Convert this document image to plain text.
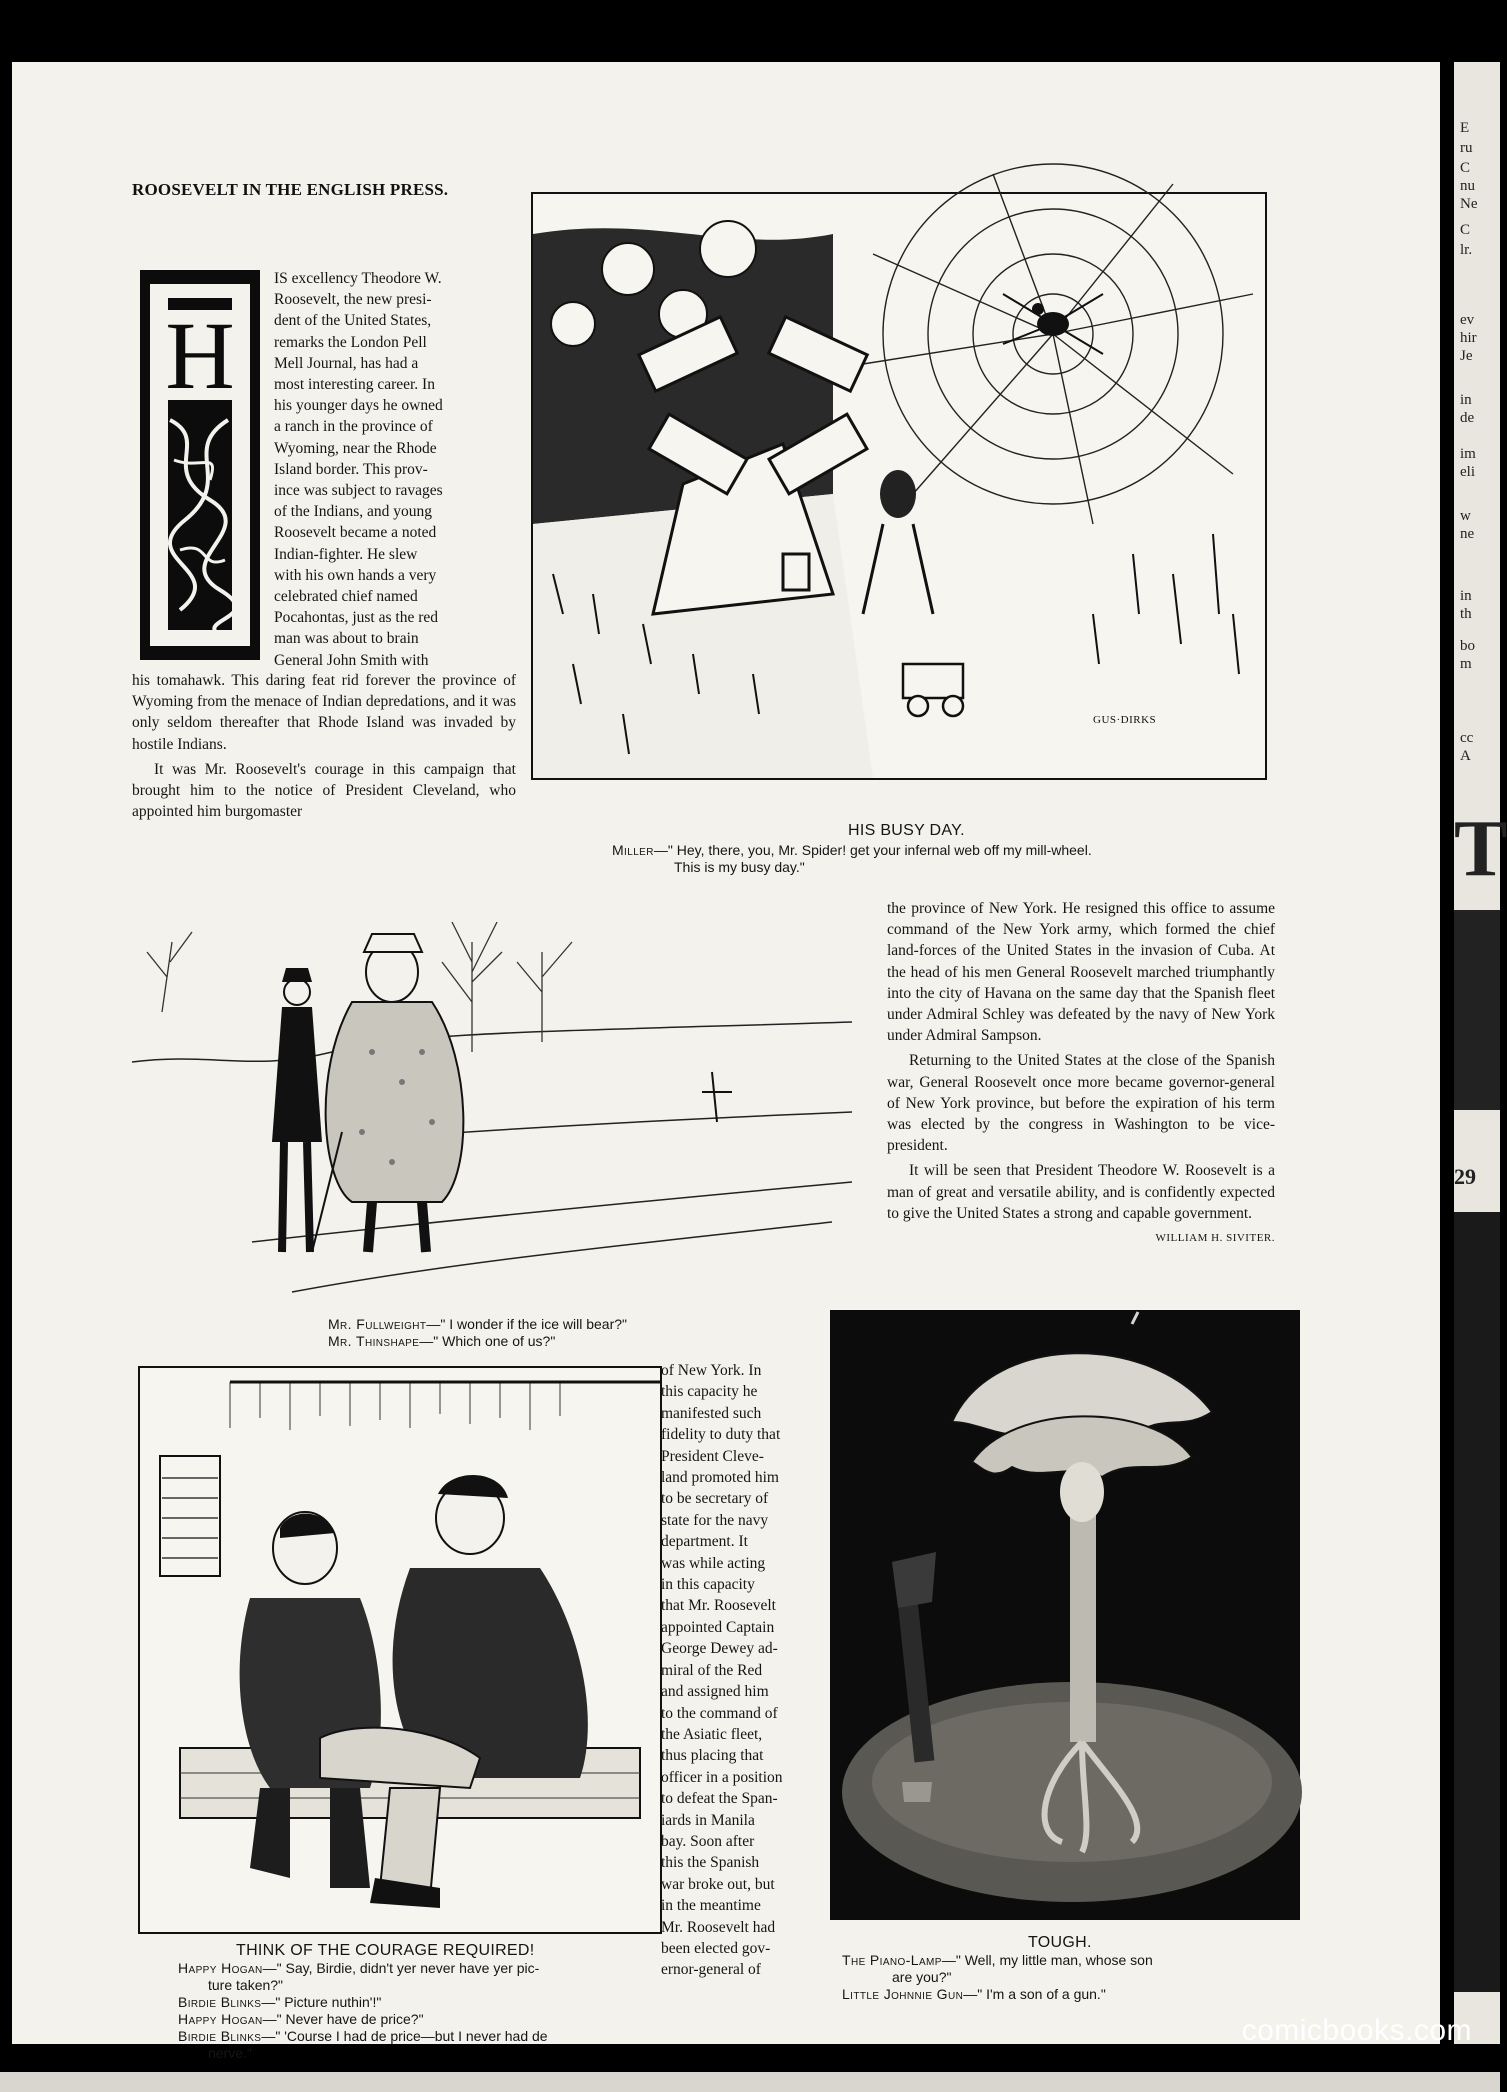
ROOSEVELT IN THE ENGLISH PRESS.
H
IS excellency Theodore W.
Roosevelt, the new presi-
dent of the United States,
remarks the London Pell
Mell Journal, has had a
most interesting career. In
his younger days he owned
a ranch in the province of
Wyoming, near the Rhode
Island border. This prov-
ince was subject to ravages
of the Indians, and young
Roosevelt became a noted
Indian-fighter. He slew
with his own hands a very
celebrated chief named
Pocahontas, just as the red
man was about to brain
General John Smith with

his tomahawk. This daring feat rid forever the province of Wyoming from the menace of Indian depredations, and it was only seldom thereafter that Rhode Island was invaded by hostile Indians.

It was Mr. Roosevelt's courage in this campaign that brought him to the notice of President Cleveland, who appointed him burgomaster

GUS·DIRKS
HIS BUSY DAY.
Miller—" Hey, there, you, Mr. Spider! get your infernal web off my mill-wheel.
This is my busy day."
Mr. Fullweight—" I wonder if the ice will bear?"
Mr. Thinshape—" Which one of us?"

the province of New York. He resigned this office to assume command of the New York army, which formed the chief land-forces of the United States in the invasion of Cuba. At the head of his men General Roosevelt marched triumphantly into the city of Havana on the same day that the Spanish fleet under Admiral Schley was defeated by the navy of New York under Admiral Sampson.

Returning to the United States at the close of the Spanish war, General Roosevelt once more became governor-general of New York province, but before the expiration of his term was elected by the congress in Washington to be vice-president.

It will be seen that President Theodore W. Roosevelt is a man of great and versatile ability, and is confidently expected to give the United States a strong and capable government.

WILLIAM H. SIVITER.
THINK OF THE COURAGE REQUIRED!
Happy Hogan—" Say, Birdie, didn't yer never have yer pic-
ture taken?"
Birdie Blinks—" Picture nuthin'!"
Happy Hogan—" Never have de price?"
Birdie Blinks—" 'Course I had de price—but I never had de
nerve."
of New York. In
this capacity he
manifested such
fidelity to duty that
President Cleve-
land promoted him
to be secretary of
state for the navy
department. It
was while acting
in this capacity
that Mr. Roosevelt
appointed Captain
George Dewey ad-
miral of the Red
and assigned him
to the command of
the Asiatic fleet,
thus placing that
officer in a position
to defeat the Span-
iards in Manila
bay. Soon after
this the Spanish
war broke out, but
in the meantime
Mr. Roosevelt had
been elected gov-
ernor-general of
TOUGH.
The Piano-Lamp—" Well, my little man, whose son
are you?"
Little Johnnie Gun—" I'm a son of a gun."
E
ru
C
nu
Ne
C
lr.
ev
hir
Je
in
de
im
eli
w
ne
in
th
bo
m
cc
A
T
29
comicbooks.com
